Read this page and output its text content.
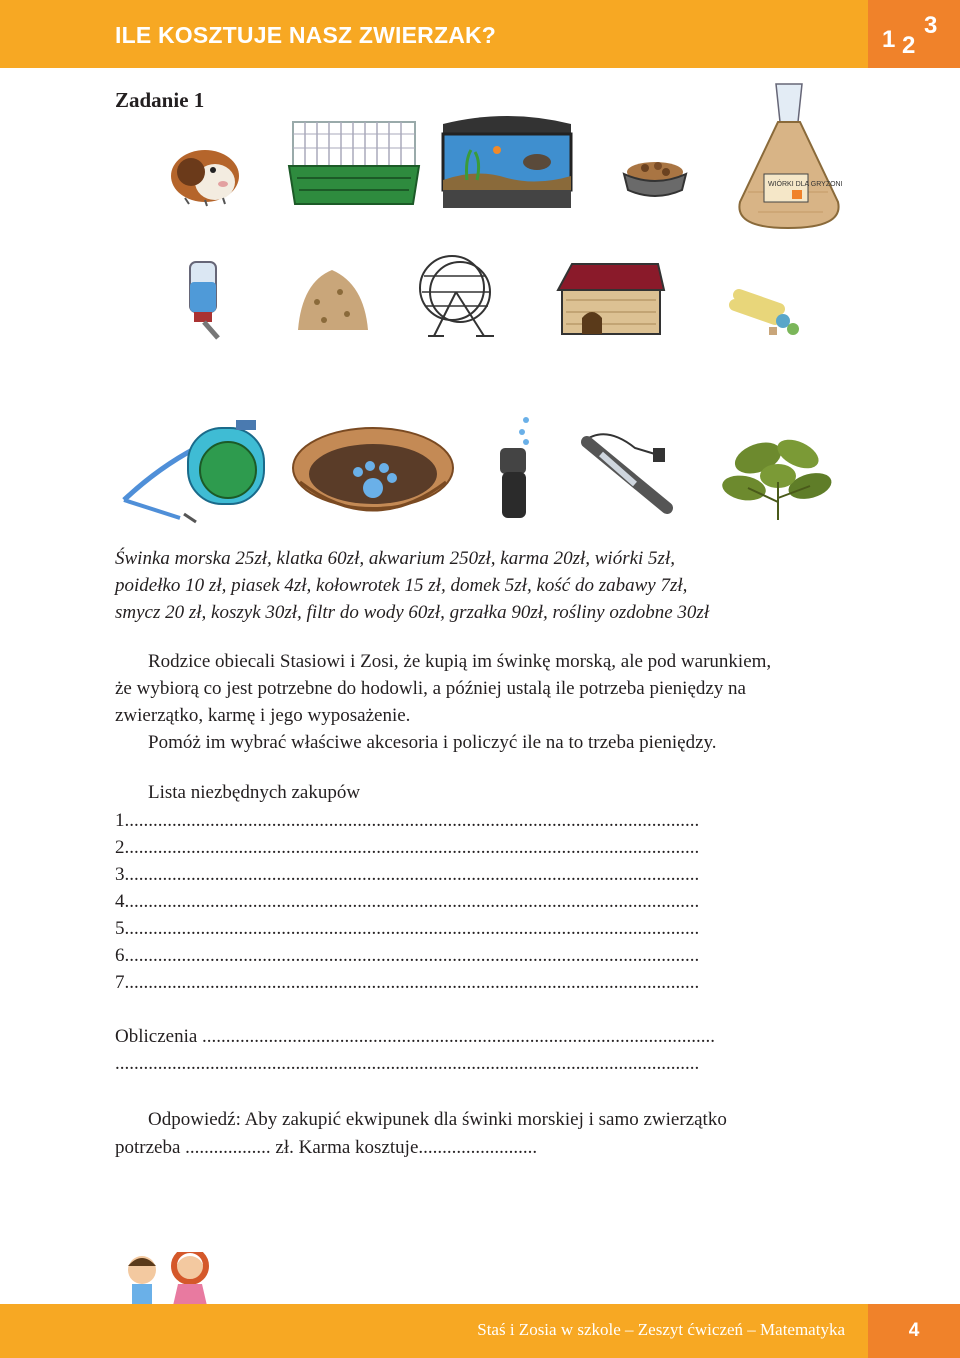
ILE KOSZTUJE NASZ ZWIERZAK?	1 2
3
Zadanie 1
WIÓRKI DLA GRYZONI
Świnka morska 25zł, klatka 60zł, akwarium 250zł, karma 20zł, wiórki 5zł,
poidełko 10 zł, piasek 4zł, kołowrotek 15 zł, domek 5zł, kość do zabawy 7zł,
smycz 20 zł, koszyk 30zł, filtr do wody 60zł, grzałka 90zł, rośliny ozdobne 30zł
Rodzice obiecali Stasiowi i Zosi, że kupią im świnkę morską, ale pod warunkiem,
że wybiorą co jest potrzebne do hodowli, a później ustalą ile potrzeba pieniędzy na
zwierzątko, karmę i jego wyposażenie.
Pomóż im wybrać właściwe akcesoria i policzyć ile na to trzeba pieniędzy.
Lista niezbędnych zakupów
1.........................................................................................................................
2.........................................................................................................................
3.........................................................................................................................
4.........................................................................................................................
5.........................................................................................................................
6.........................................................................................................................
7.........................................................................................................................
Obliczenia ............................................................................................................
...........................................................................................................................
Odpowiedź: Aby zakupić ekwipunek dla świnki morskiej i samo zwierzątko
potrzeba .................. zł. Karma kosztuje.........................
Staś i Zosia w szkole – Zeszyt ćwiczeń – Matematyka	4
